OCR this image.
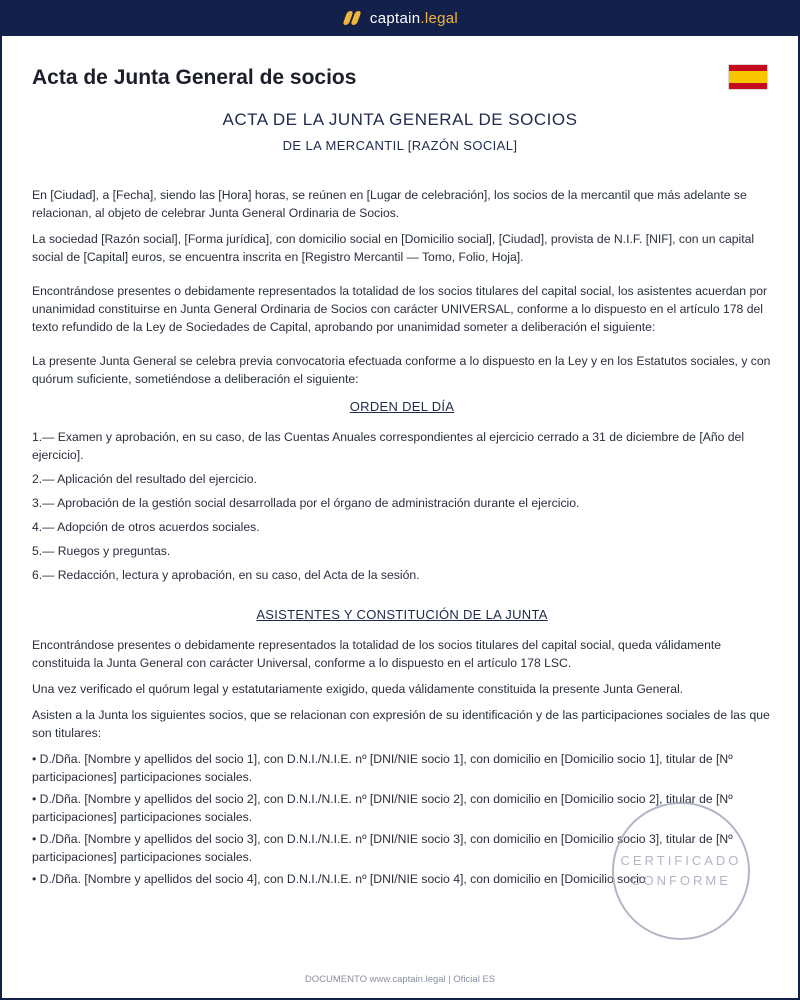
captain.legal
Acta de Junta General de socios
ACTA DE LA JUNTA GENERAL DE SOCIOS
DE LA MERCANTIL [RAZÓN SOCIAL]

En [Ciudad], a [Fecha], siendo las [Hora] horas, se reúnen en [Lugar de celebración], los socios de la mercantil que más adelante se relacionan, al objeto de celebrar Junta General Ordinaria de Socios.

La sociedad [Razón social], [Forma jurídica], con domicilio social en [Domicilio social], [Ciudad], provista de N.I.F. [NIF], con un capital social de [Capital] euros, se encuentra inscrita en [Registro Mercantil — Tomo, Folio, Hoja].

Encontrándose presentes o debidamente representados la totalidad de los socios titulares del capital social, los asistentes acuerdan por unanimidad constituirse en Junta General Ordinaria de Socios con carácter UNIVERSAL, conforme a lo dispuesto en el artículo 178 del texto refundido de la Ley de Sociedades de Capital, aprobando por unanimidad someter a deliberación el siguiente:

La presente Junta General se celebra previa convocatoria efectuada conforme a lo dispuesto en la Ley y en los Estatutos sociales, y con quórum suficiente, sometiéndose a deliberación el siguiente:

ORDEN DEL DÍA
1.— Examen y aprobación, en su caso, de las Cuentas Anuales correspondientes al ejercicio cerrado a 31 de diciembre de [Año del ejercicio].
2.— Aplicación del resultado del ejercicio.
3.— Aprobación de la gestión social desarrollada por el órgano de administración durante el ejercicio.
4.— Adopción de otros acuerdos sociales.
5.— Ruegos y preguntas.
6.— Redacción, lectura y aprobación, en su caso, del Acta de la sesión.
ASISTENTES Y CONSTITUCIÓN DE LA JUNTA

Encontrándose presentes o debidamente representados la totalidad de los socios titulares del capital social, queda válidamente constituida la Junta General con carácter Universal, conforme a lo dispuesto en el artículo 178 LSC.

Una vez verificado el quórum legal y estatutariamente exigido, queda válidamente constituida la presente Junta General.

Asisten a la Junta los siguientes socios, que se relacionan con expresión de su identificación y de las participaciones sociales de las que son titulares:

• D./Dña. [Nombre y apellidos del socio 1], con D.N.I./N.I.E. nº [DNI/NIE socio 1], con domicilio en [Domicilio socio 1], titular de [Nº participaciones] participaciones sociales.
• D./Dña. [Nombre y apellidos del socio 2], con D.N.I./N.I.E. nº [DNI/NIE socio 2], con domicilio en [Domicilio socio 2], titular de [Nº participaciones] participaciones sociales.
• D./Dña. [Nombre y apellidos del socio 3], con D.N.I./N.I.E. nº [DNI/NIE socio 3], con domicilio en [Domicilio socio 3], titular de [Nº participaciones] participaciones sociales.
• D./Dña. [Nombre y apellidos del socio 4], con D.N.I./N.I.E. nº [DNI/NIE socio 4], con domicilio en [Domicilio socio
CERTIFICADO
CONFORME
DOCUMENTO www.captain.legal | Oficial ES
